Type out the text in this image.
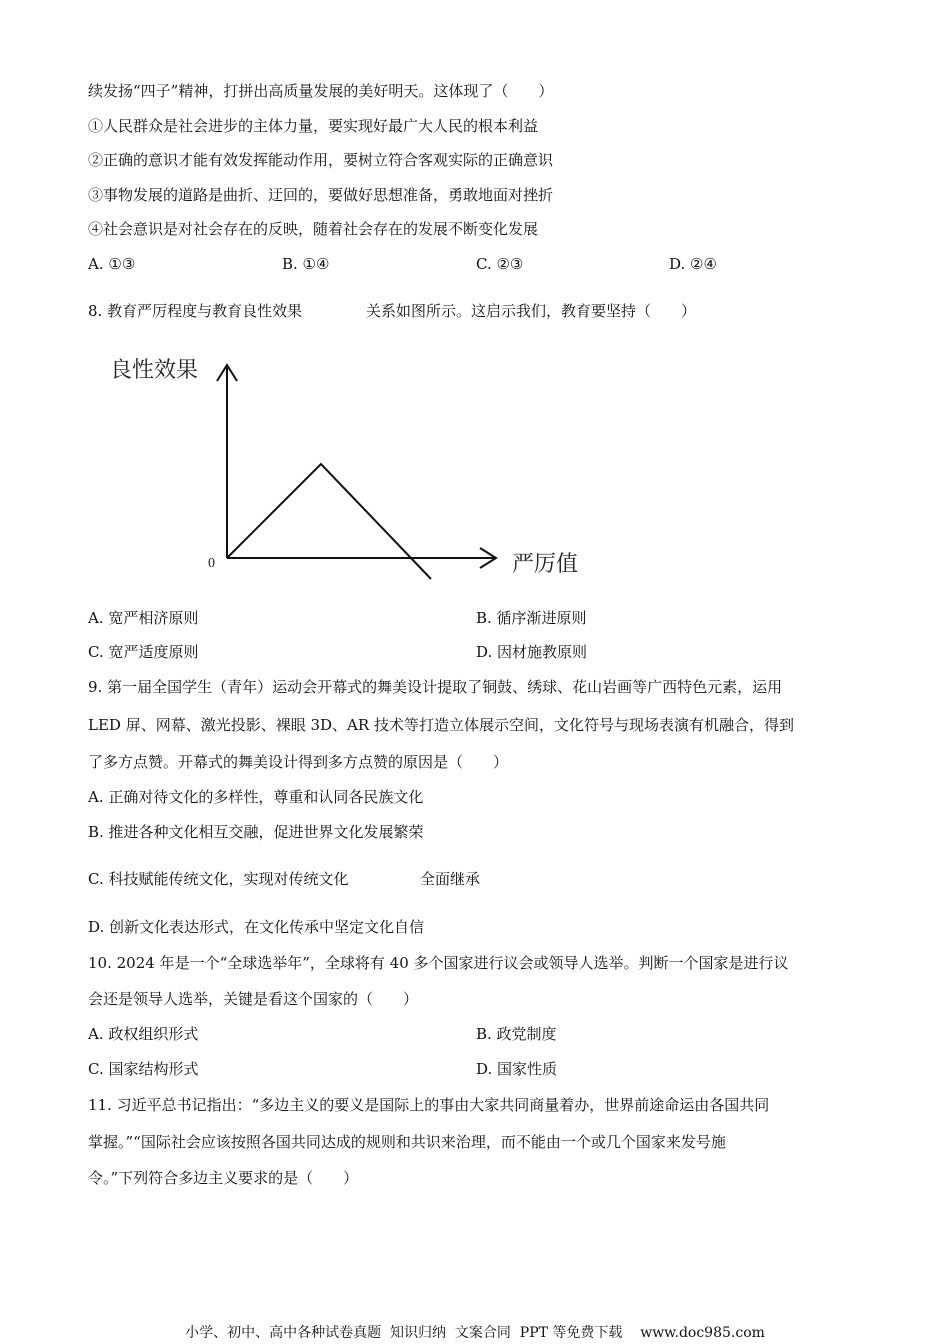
续发扬“四子”精神，打拼出高质量发展的美好明天。这体现了（　　）
①人民群众是社会进步的主体力量，要实现好最广大人民的根本利益
②正确的意识才能有效发挥能动作用，要树立符合客观实际的正确意识
③事物发展的道路是曲折、迂回的，要做好思想准备，勇敢地面对挫折
④社会意识是对社会存在的反映，随着社会存在的发展不断变化发展
A. ①③	B. ①④	C. ②③	D. ②④
8. 教育严厉程度与教育良性效果	关系如图所示。这启示我们，教育要坚持（　　）
良性效果
0	严厉值
A. 宽严相济原则	B. 循序渐进原则
C. 宽严适度原则	D. 因材施教原则
9. 第一届全国学生（青年）运动会开幕式的舞美设计提取了铜鼓、绣球、花山岩画等广西特色元素，运用
LED 屏、网幕、激光投影、裸眼 3D、AR 技术等打造立体展示空间，文化符号与现场表演有机融合，得到
了多方点赞。开幕式的舞美设计得到多方点赞的原因是（　　）
A. 正确对待文化的多样性，尊重和认同各民族文化
B. 推进各种文化相互交融，促进世界文化发展繁荣
C. 科技赋能传统文化，实现对传统文化	全面继承
D. 创新文化表达形式，在文化传承中坚定文化自信
10. 2024 年是一个“全球选举年”，全球将有 40 多个国家进行议会或领导人选举。判断一个国家是进行议
会还是领导人选举，关键是看这个国家的（　　）
A. 政权组织形式	B. 政党制度
C. 国家结构形式	D. 国家性质
11. 习近平总书记指出：“多边主义的要义是国际上的事由大家共同商量着办，世界前途命运由各国共同
掌握。”“国际社会应该按照各国共同达成的规则和共识来治理，而不能由一个或几个国家来发号施
令。”下列符合多边主义要求的是（　　）
小学、初中、高中各种试卷真题  知识归纳  文案合同  PPT 等免费下载    www.doc985.com
